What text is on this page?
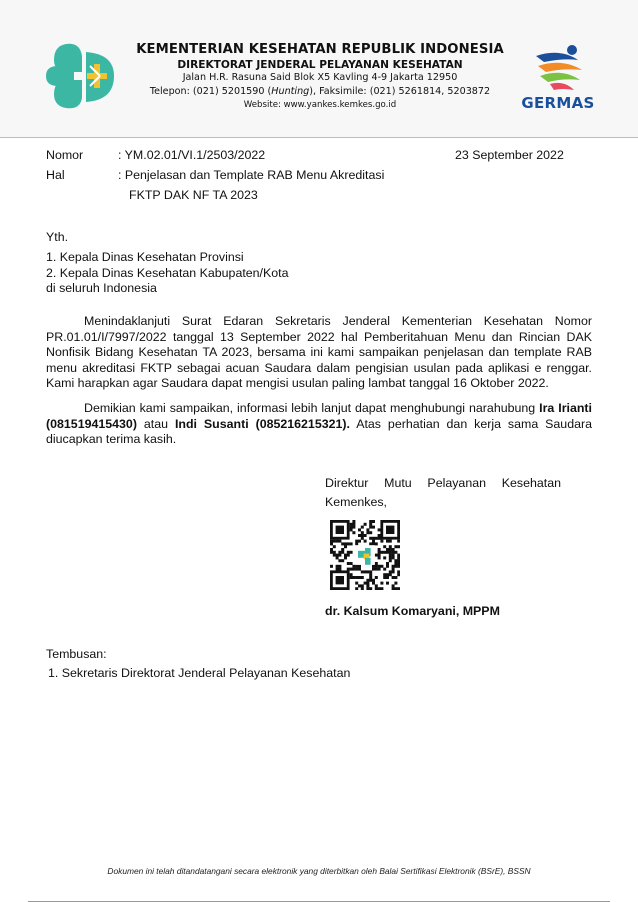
KEMENTERIAN KESEHATAN REPUBLIK INDONESIA
DIREKTORAT JENDERAL PELAYANAN KESEHATAN
Jalan H.R. Rasuna Said Blok X5 Kavling 4-9 Jakarta 12950
Telepon: (021) 5201590 (Hunting), Faksimile: (021) 5261814, 5203872
Website: www.yankes.kemkes.go.id	GERMAS
Nomor	: YM.02.01/VI.1/2503/2022	23 September 2022
Hal	: Penjelasan dan Template RAB Menu Akreditasi
FKTP DAK NF TA 2023
Yth.
1. Kepala Dinas Kesehatan Provinsi
2. Kepala Dinas Kesehatan Kabupaten/Kota
di seluruh Indonesia
Menindaklanjuti Surat Edaran Sekretaris Jenderal Kementerian Kesehatan Nomor PR.01.01/I/7997/2022 tanggal 13 September 2022 hal Pemberitahuan Menu dan Rincian DAK Nonfisik Bidang Kesehatan TA 2023, bersama ini kami sampaikan penjelasan dan template RAB menu akreditasi FKTP sebagai acuan Saudara dalam pengisian usulan pada aplikasi e renggar. Kami harapkan agar Saudara dapat mengisi usulan paling lambat tanggal 16 Oktober 2022.
Demikian kami sampaikan, informasi lebih lanjut dapat menghubungi narahubung Ira Irianti (081519415430) atau Indi Susanti (085216215321). Atas perhatian dan kerja sama Saudara diucapkan terima kasih.
Direktur Mutu Pelayanan Kesehatan
Kemenkes,
dr. Kalsum Komaryani, MPPM
Tembusan:
1. Sekretaris Direktorat Jenderal Pelayanan Kesehatan
Dokumen ini telah ditandatangani secara elektronik yang diterbitkan oleh Balai Sertifikasi Elektronik (BSrE), BSSN
